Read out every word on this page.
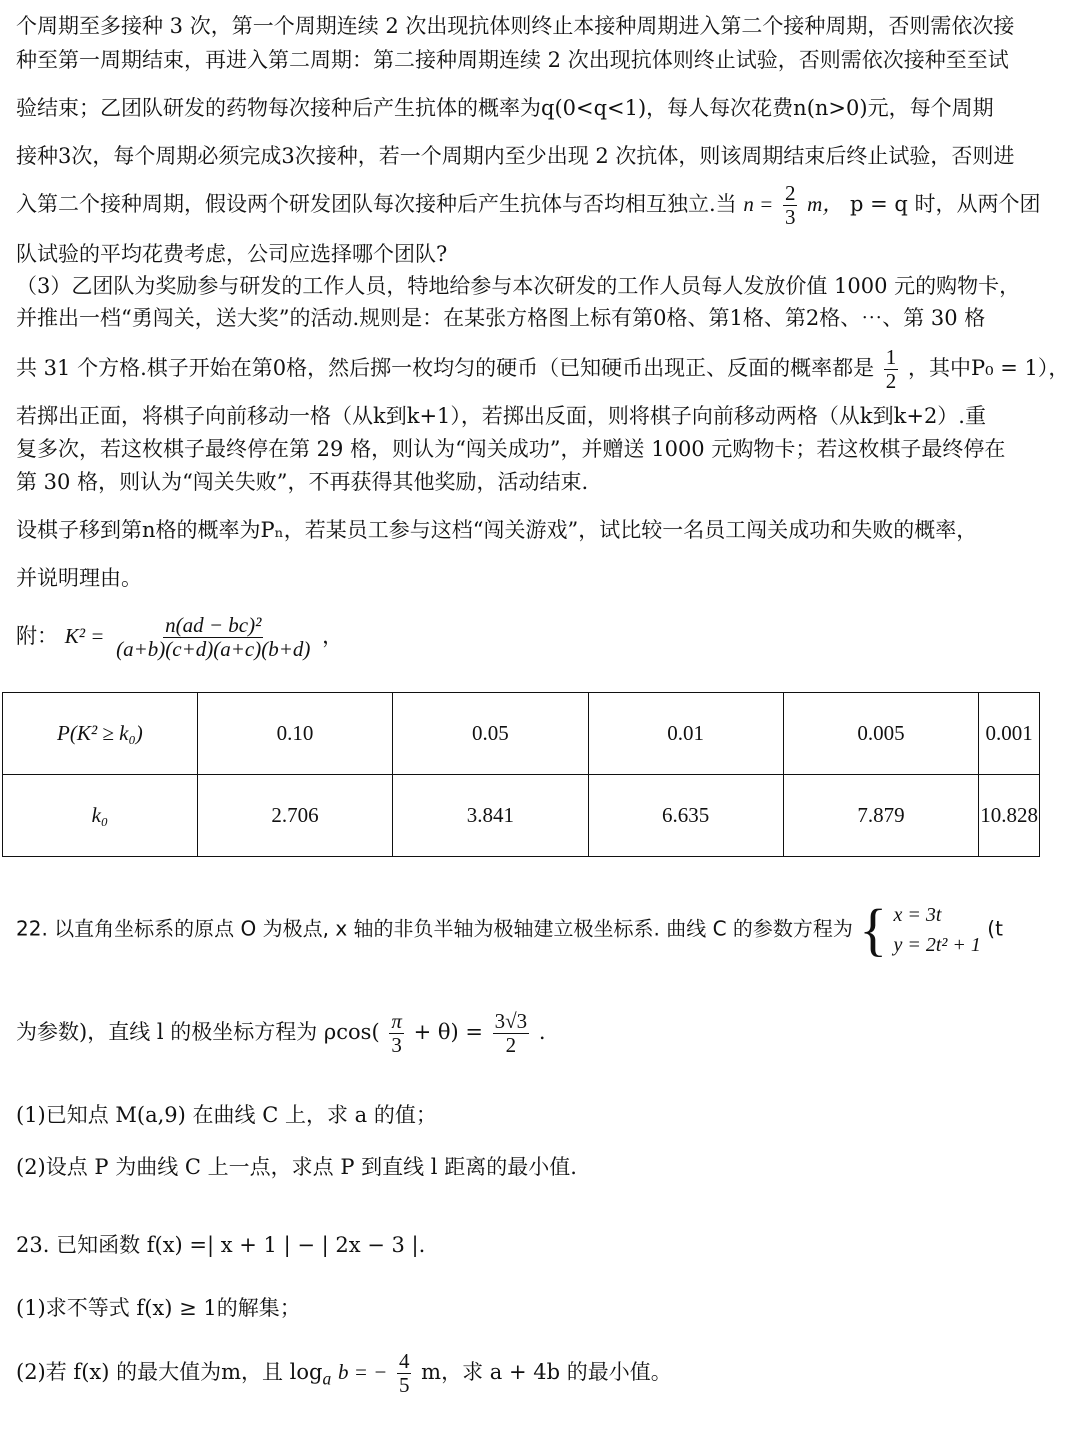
个周期至多接种 3 次，第一个周期连续 2 次出现抗体则终止本接种周期进入第二个接种周期，否则需依次接
种至第一周期结束，再进入第二周期：第二接种周期连续 2 次出现抗体则终止试验，否则需依次接种至至试
验结束；乙团队研发的药物每次接种后产生抗体的概率为q(0<q<1)，每人每次花费n(n>0)元，每个周期
接种3次，每个周期必须完成3次接种，若一个周期内至少出现 2 次抗体，则该周期结束后终止试验，否则进
入第二个接种周期，假设两个研发团队每次接种后产生抗体与否均相互独立.当 $n = \frac{2}{3}$ m， p = q 时，从两个团
队试验的平均花费考虑，公司应选择哪个团队?
（3）乙团队为奖励参与研发的工作人员，特地给参与本次研发的工作人员每人发放价值 1000 元的购物卡，
并推出一档“勇闯关，送大奖”的活动.规则是：在某张方格图上标有第0格、第1格、第2格、⋯、第 30 格
共 31 个方格.棋子开始在第0格，然后掷一枚均匀的硬币（已知硬币出现正、反面的概率都是 $\frac{1}{2}$ ，其中P₀ = 1），
若掷出正面，将棋子向前移动一格（从k到k+1），若掷出反面，则将棋子向前移动两格（从k到k+2）.重
复多次，若这枚棋子最终停在第 29 格，则认为“闯关成功”，并赠送 1000 元购物卡；若这枚棋子最终停在
第 30 格，则认为“闯关失败”，不再获得其他奖励，活动结束.
设棋子移到第n格的概率为Pₙ，若某员工参与这档“闯关游戏”，试比较一名员工闯关成功和失败的概率，
并说明理由。
附： $K^2 = \frac{\text{n(ad − bc)²}}{(a+b)(c+d)(a+c)(b+d)}$ ，
P(K² ≥ k₀)	0.10	0.05	0.01	0.005	0.001
k₀	2.706	3.841	6.635	7.879	10.828
22. 以直角坐标系的原点 O 为极点, x 轴的非负半轴为极轴建立极坐标系. 曲线 C 的参数方程为 { x = 3t
y = 2t² + 1
(t
为参数)，直线 l 的极坐标方程为 $\rho\cos( \frac{\pi}{3} + \theta) = \frac{3√3}{2}$ .
(1)已知点 M(a,9) 在曲线 C 上，求 a 的值；
(2)设点 P 为曲线 C 上一点，求点 P 到直线 l 距离的最小值.
23. 已知函数 f(x) =| x + 1 | − | 2x − 3 |.
(1)求不等式 f(x) ≥ 1的解集；
(2)若 f(x) 的最大值为m，且 $\log_a b$ = − $\frac{4}{5}$ m，求 a + 4b 的最小值。
